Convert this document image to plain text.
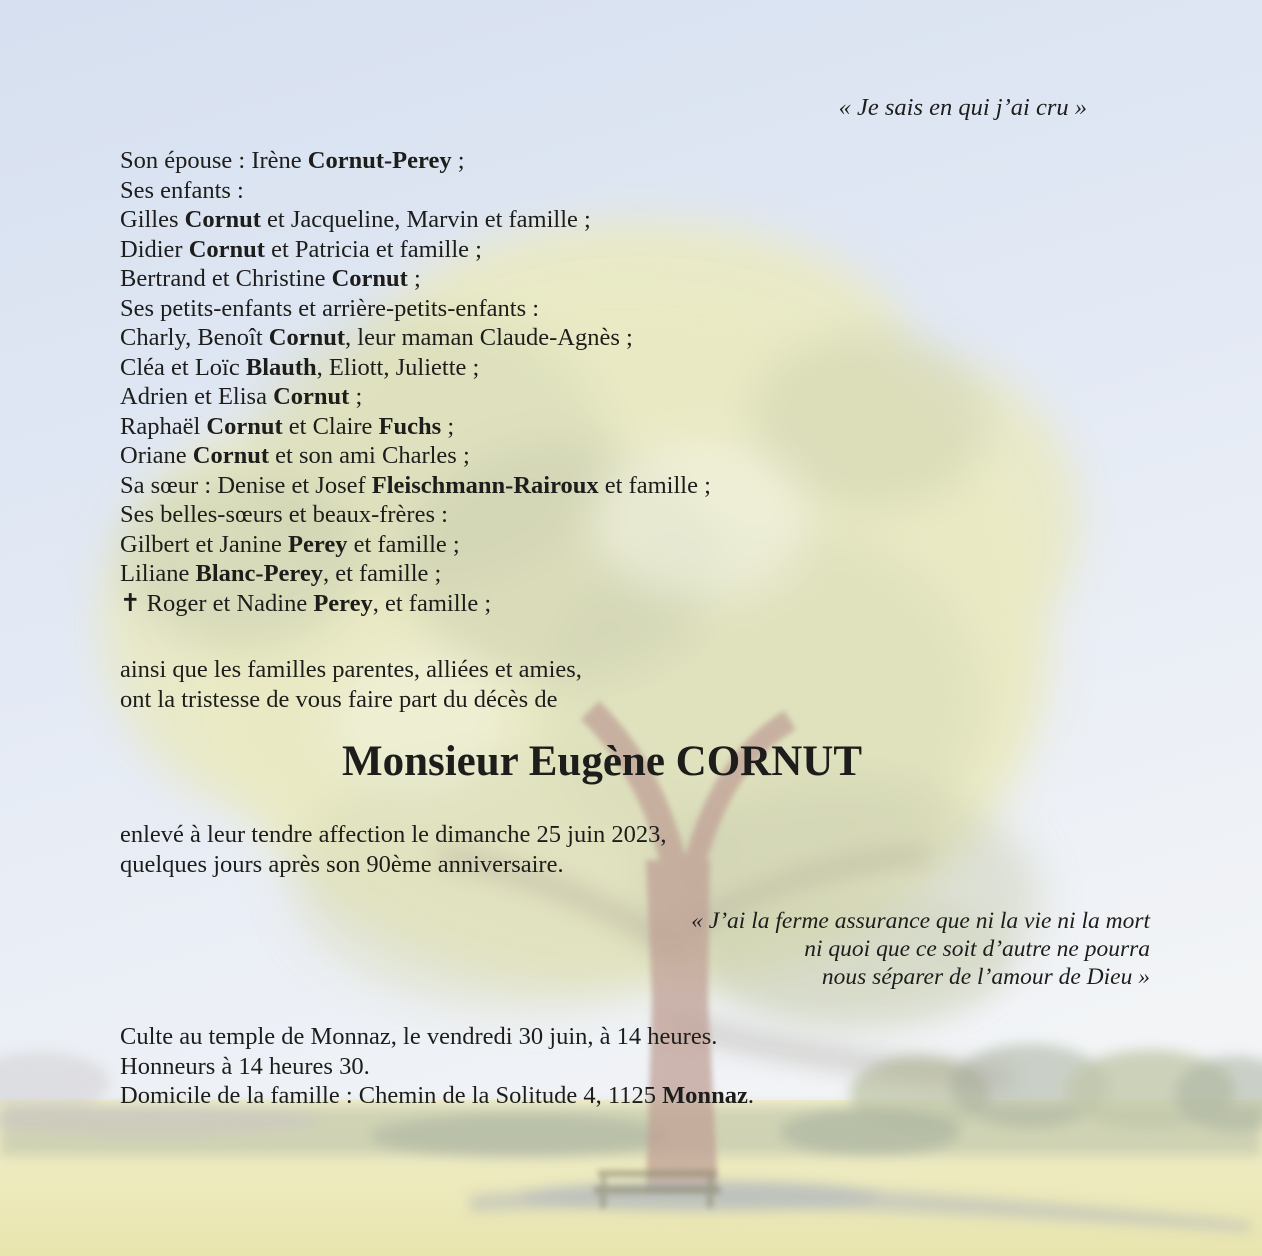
« Je sais en qui j’ai cru »
Son épouse : Irène Cornut-Perey ;
Ses enfants :
Gilles Cornut et Jacqueline, Marvin et famille ;
Didier Cornut et Patricia et famille ;
Bertrand et Christine Cornut ;
Ses petits-enfants et arrière-petits-enfants :
Charly, Benoît Cornut, leur maman Claude-Agnès ;
Cléa et Loïc Blauth, Eliott, Juliette ;
Adrien et Elisa Cornut ;
Raphaël Cornut et Claire Fuchs ;
Oriane Cornut et son ami Charles ;
Sa sœur : Denise et Josef Fleischmann-Rairoux et famille ;
Ses belles-sœurs et beaux-frères :
Gilbert et Janine Perey et famille ;
Liliane Blanc-Perey, et famille ;
✝ Roger et Nadine Perey, et famille ;
ainsi que les familles parentes, alliées et amies,
ont la tristesse de vous faire part du décès de
Monsieur Eugène CORNUT
enlevé à leur tendre affection le dimanche 25 juin 2023,
quelques jours après son 90ème anniversaire.
« J’ai la ferme assurance que ni la vie ni la mort
ni quoi que ce soit d’autre ne pourra
nous séparer de l’amour de Dieu »
Culte au temple de Monnaz, le vendredi 30 juin, à 14 heures.
Honneurs à 14 heures 30.
Domicile de la famille : Chemin de la Solitude 4, 1125 Monnaz.
